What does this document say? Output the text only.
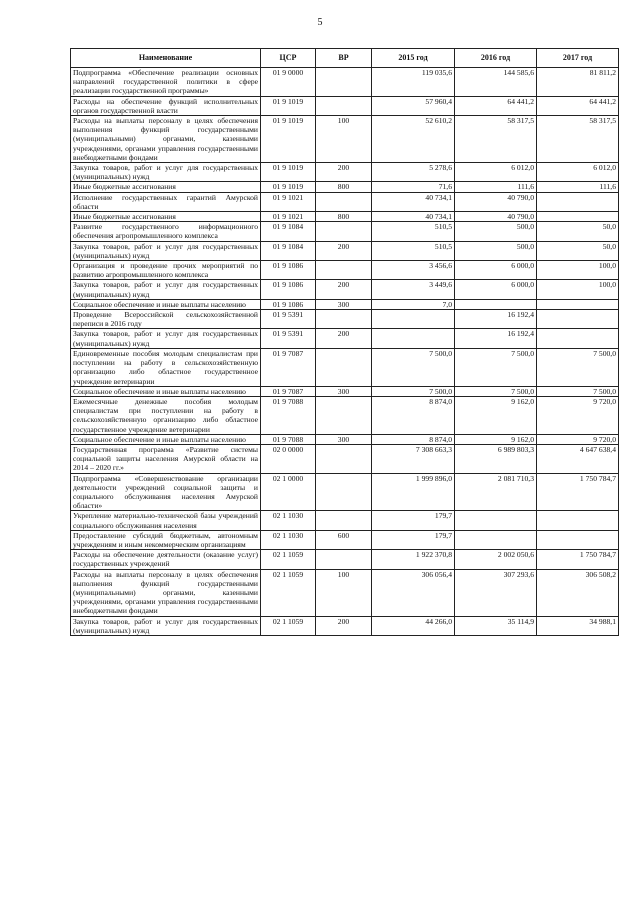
5
Наименование	ЦСР	ВР	2015 год	2016 год	2017 год
Подпрограмма «Обеспечение реализации основных направлений государственной политики в сфере реализации государственной программы»	01 9 0000		119 035,6	144 585,6	81 811,2
Расходы на обеспечение функций исполнительных органов государственной власти	01 9 1019		57 960,4	64 441,2	64 441,2
Расходы на выплаты персоналу в целях обеспечения выполнения функций государственными (муниципальными) органами, казенными учреждениями, органами управления государственными внебюджетными фондами	01 9 1019	100	52 610,2	58 317,5	58 317,5
Закупка товаров, работ и услуг для государственных (муниципальных) нужд	01 9 1019	200	5 278,6	6 012,0	6 012,0
Иные бюджетные ассигнования	01 9 1019	800	71,6	111,6	111,6
Исполнение государственных гарантий Амурской области	01 9 1021		40 734,1	40 790,0	
Иные бюджетные ассигнования	01 9 1021	800	40 734,1	40 790,0	
Развитие государственного информационного обеспечения агропромышленного комплекса	01 9 1084		510,5	500,0	50,0
Закупка товаров, работ и услуг для государственных (муниципальных) нужд	01 9 1084	200	510,5	500,0	50,0
Организация и проведение прочих мероприятий по развитию агропромышленного комплекса	01 9 1086		3 456,6	6 000,0	100,0
Закупка товаров, работ и услуг для государственных (муниципальных) нужд	01 9 1086	200	3 449,6	6 000,0	100,0
Социальное обеспечение и иные выплаты населению	01 9 1086	300	7,0		
Проведение Всероссийской сельскохозяйственной переписи в 2016 году	01 9 5391			16 192,4	
Закупка товаров, работ и услуг для государственных (муниципальных) нужд	01 9 5391	200		16 192,4	
Единовременные пособия молодым специалистам при поступлении на работу в сельскохозяйственную организацию либо областное государственное учреждение ветеринарии	01 9 7087		7 500,0	7 500,0	7 500,0
Социальное обеспечение и иные выплаты населению	01 9 7087	300	7 500,0	7 500,0	7 500,0
Ежемесячные денежные пособия молодым специалистам при поступлении на работу в сельскохозяйственную организацию либо областное государственное учреждение ветеринарии	01 9 7088		8 874,0	9 162,0	9 720,0
Социальное обеспечение и иные выплаты населению	01 9 7088	300	8 874,0	9 162,0	9 720,0
Государственная программа «Развитие системы социальной защиты населения Амурской области на 2014 – 2020 гг.»	02 0 0000		7 308 663,3	6 989 803,3	4 647 638,4
Подпрограмма «Совершенствование организации деятельности учреждений социальной защиты и социального обслуживания населения Амурской области»	02 1 0000		1 999 896,0	2 081 710,3	1 750 784,7
Укрепление материально-технической базы учреждений социального обслуживания населения	02 1 1030		179,7		
Предоставление субсидий бюджетным, автономным учреждениям и иным некоммерческим организациям	02 1 1030	600	179,7		
Расходы на обеспечение деятельности (оказание услуг) государственных учреждений	02 1 1059		1 922 370,8	2 002 050,6	1 750 784,7
Расходы на выплаты персоналу в целях обеспечения выполнения функций государственными (муниципальными) органами, казенными учреждениями, органами управления государственными внебюджетными фондами	02 1 1059	100	306 056,4	307 293,6	306 508,2
Закупка товаров, работ и услуг для государственных (муниципальных) нужд	02 1 1059	200	44 266,0	35 114,9	34 988,1
